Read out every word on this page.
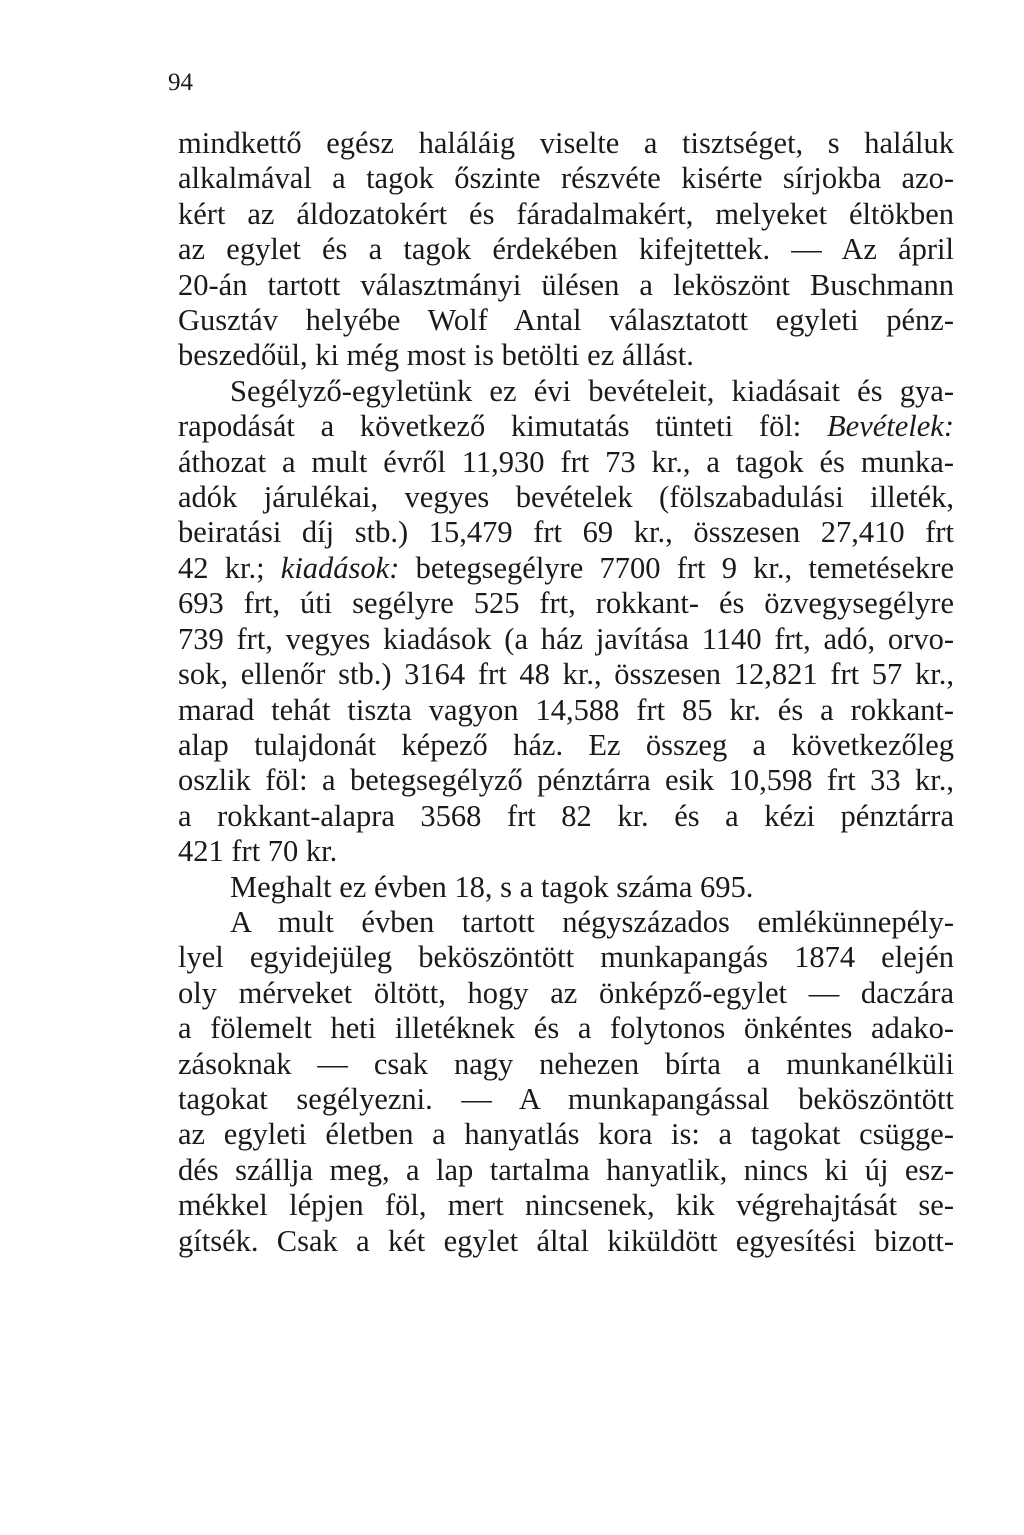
94
mindkettő egész haláláig viselte a tisztséget, s haláluk
alkalmával a tagok őszinte részvéte kisérte sírjokba azo-
kért az áldozatokért és fáradalmakért, melyeket éltökben
az egylet és a tagok érdekében kifejtettek. — Az ápril
20-án tartott választmányi ülésen a leköszönt Buschmann
Gusztáv helyébe Wolf Antal választatott egyleti pénz-
beszedőül, ki még most is betölti ez állást.
Segélyző-egyletünk ez évi bevételeit, kiadásait és gya-
rapodását a következő kimutatás tünteti föl: Bevételek:
áthozat a mult évről 11,930 frt 73 kr., a tagok és munka-
adók járulékai, vegyes bevételek (fölszabadulási illeték,
beiratási díj stb.) 15,479 frt 69 kr., összesen 27,410 frt
42 kr.; kiadások: betegsegélyre 7700 frt 9 kr., temetésekre
693 frt, úti segélyre 525 frt, rokkant- és özvegysegélyre
739 frt, vegyes kiadások (a ház javítása 1140 frt, adó, orvo-
sok, ellenőr stb.) 3164 frt 48 kr., összesen 12,821 frt 57 kr.,
marad tehát tiszta vagyon 14,588 frt 85 kr. és a rokkant-
alap tulajdonát képező ház. Ez összeg a következőleg
oszlik föl: a betegsegélyző pénztárra esik 10,598 frt 33 kr.,
a rokkant-alapra 3568 frt 82 kr. és a kézi pénztárra
421 frt 70 kr.
Meghalt ez évben 18, s a tagok száma 695.
A mult évben tartott négyszázados emlékünnepély-
lyel egyidejüleg beköszöntött munkapangás 1874 elején
oly mérveket öltött, hogy az önképző-egylet — daczára
a fölemelt heti illetéknek és a folytonos önkéntes adako-
zásoknak — csak nagy nehezen bírta a munkanélküli
tagokat segélyezni. — A munkapangással beköszöntött
az egyleti életben a hanyatlás kora is: a tagokat csügge-
dés szállja meg, a lap tartalma hanyatlik, nincs ki új esz-
mékkel lépjen föl, mert nincsenek, kik végrehajtását se-
gítsék. Csak a két egylet által kiküldött egyesítési bizott-
